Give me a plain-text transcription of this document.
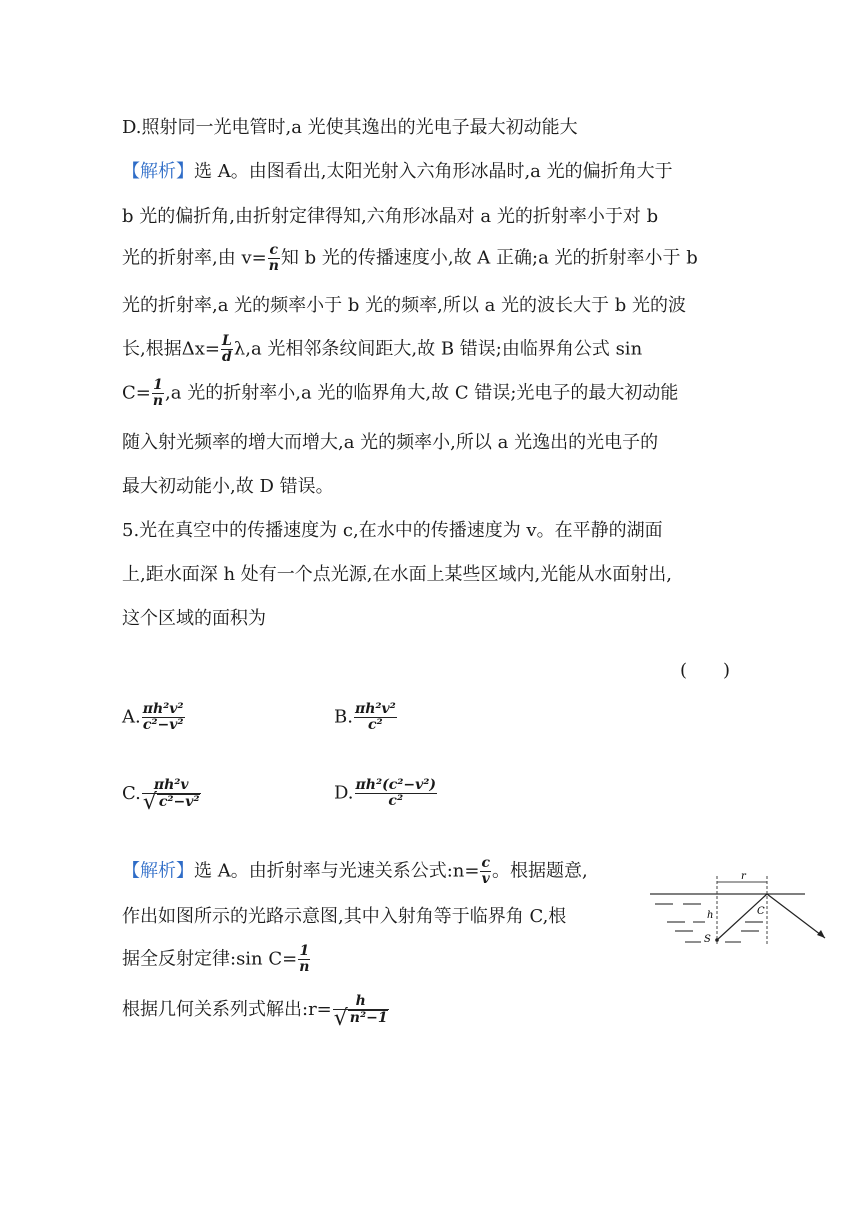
D.照射同一光电管时,a 光使其逸出的光电子最大初动能大
【解析】选 A。由图看出,太阳光射入六角形冰晶时,a 光的偏折角大于
b 光的偏折角,由折射定律得知,六角形冰晶对 a 光的折射率小于对 b
光的折射率,由 $v= \frac{c}{n}$ 知 b 光的传播速度小,故 A 正确;a 光的折射率小于 b
光的折射率,a 光的频率小于 b 光的频率,所以 a 光的波长大于 b 光的波
长,根据$\Delta x= \frac{L}{d} \lambda,a$ 光相邻条纹间距大,故 B 错误;由临界角公式 sin
$C= \frac{1}{n} ,a$ 光的折射率小,a 光的临界角大,故 C 错误;光电子的最大初动能
随入射光频率的增大而增大,a 光的频率小,所以 a 光逸出的光电子的
最大初动能小,故 D 错误。
5.光在真空中的传播速度为 c,在水中的传播速度为 v。在平静的湖面
上,距水面深 h 处有一个点光源,在水面上某些区域内,光能从水面射出,
这个区域的面积为
(　　)
A. $\frac{\text{πh²v²}}{\text{c²−v²}}$	B. $\frac{\text{πh²v²}}{\text{c²}}$
C. $\frac{\text{πh²v}}{\text{√ c²−v²}}$	D. $\frac{\text{πh²(c²−v²)}}{\text{c²}}$
【解析】选 A。由折射率与光速关系公式:n= $\frac{c}{v}$ 。根据题意,
作出如图所示的光路示意图,其中入射角等于临界角 C,根
据全反射定律:sin $C= \frac{1}{n}$
根据几何关系列式解出:r= $\frac{h}{\text{√ n²−1}}$
r
h	C
S
